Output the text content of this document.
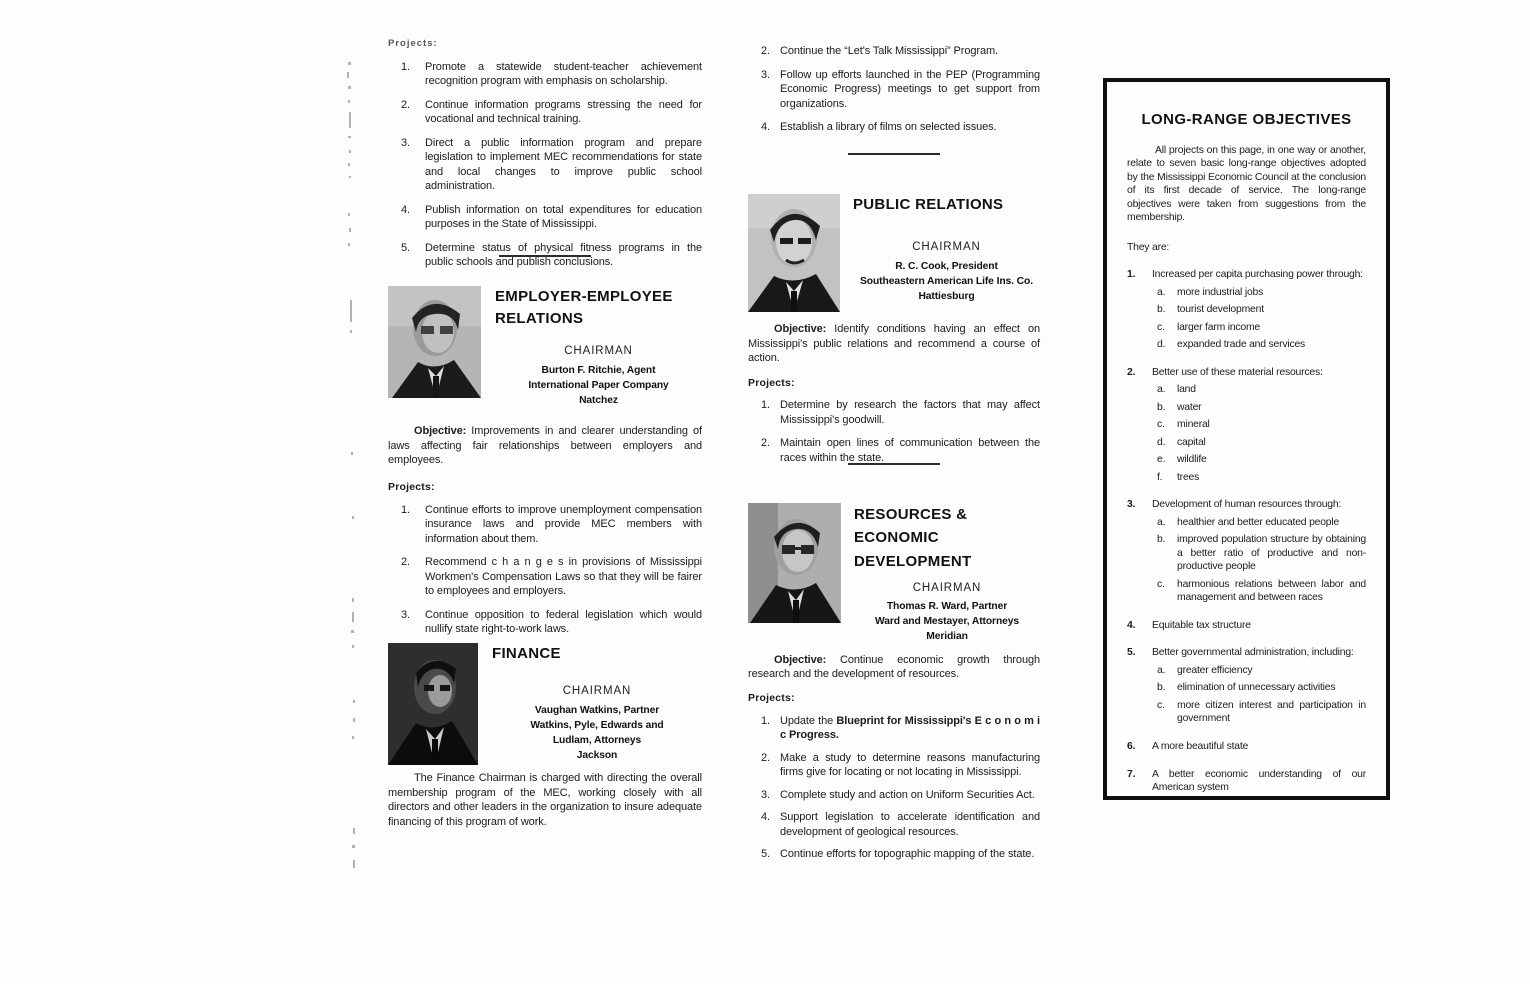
Projects:
1. Promote a statewide student-teacher achievement recognition program with emphasis on scholarship.
2. Continue information programs stressing the need for vocational and technical training.
3. Direct a public information program and prepare legislation to implement MEC recommendations for state and local changes to improve public school administration.
4. Publish information on total expenditures for education purposes in the State of Mississippi.
5. Determine status of physical fitness programs in the public schools and publish conclusions.
EMPLOYER-EMPLOYEE RELATIONS
CHAIRMAN
Burton F. Ritchie, Agent
International Paper Company
Natchez

Objective: Improvements in and clearer understanding of laws affecting fair relationships between employers and employees.

Projects:
1. Continue efforts to improve unemployment compensation insurance laws and provide MEC members with information about them.
2. Recommend c h a n g e s in provisions of Mississippi Workmen's Compensation Laws so that they will be fairer to employees and employers.
3. Continue opposition to federal legislation which would nullify state right-to-work laws.
FINANCE
CHAIRMAN
Vaughan Watkins, Partner
Watkins, Pyle, Edwards and
Ludlam, Attorneys
Jackson

The Finance Chairman is charged with directing the overall membership program of the MEC, working closely with all directors and other leaders in the organization to insure adequate financing of this program of work.

2. Continue the “Let's Talk Mississippi” Program.
3. Follow up efforts launched in the PEP (Programming Economic Progress) meetings to get support from organizations.
4. Establish a library of films on selected issues.
PUBLIC RELATIONS
CHAIRMAN
R. C. Cook, President
Southeastern American Life Ins. Co.
Hattiesburg

Objective: Identify conditions having an effect on Mississippi's public relations and recommend a course of action.

Projects:
1. Determine by research the factors that may affect Mississippi's goodwill.
2. Maintain open lines of communication between the races within the state.
RESOURCES & ECONOMIC DEVELOPMENT
CHAIRMAN
Thomas R. Ward, Partner
Ward and Mestayer, Attorneys
Meridian

Objective: Continue economic growth through research and the development of resources.

Projects:
1. Update the Blueprint for Mississippi's E c o n o m i c Progress.
2. Make a study to determine reasons manufacturing firms give for locating or not locating in Mississippi.
3. Complete study and action on Uniform Securities Act.
4. Support legislation to accelerate identification and development of geological resources.
5. Continue efforts for topographic mapping of the state.
LONG-RANGE OBJECTIVES

All projects on this page, in one way or another, relate to seven basic long-range objectives adopted by the Mississippi Economic Council at the conclusion of its first decade of service. The long-range objectives were taken from suggestions from the membership.

They are:
1. Increased per capita purchasing power through:
a. more industrial jobs
b. tourist development
c. larger farm income
d. expanded trade and services
2. Better use of these material resources:
a. land
b. water
c. mineral
d. capital
e. wildlife
f. trees
3. Development of human resources through:
a. healthier and better educated people
b. improved population structure by obtaining a better ratio of productive and non-productive people
c. harmonious relations between labor and management and between races
4. Equitable tax structure
5. Better governmental administration, including:
a. greater efficiency
b. elimination of unnecessary activities
c. more citizen interest and participation in government
6. A more beautiful state
7. A better economic understanding of our American system
